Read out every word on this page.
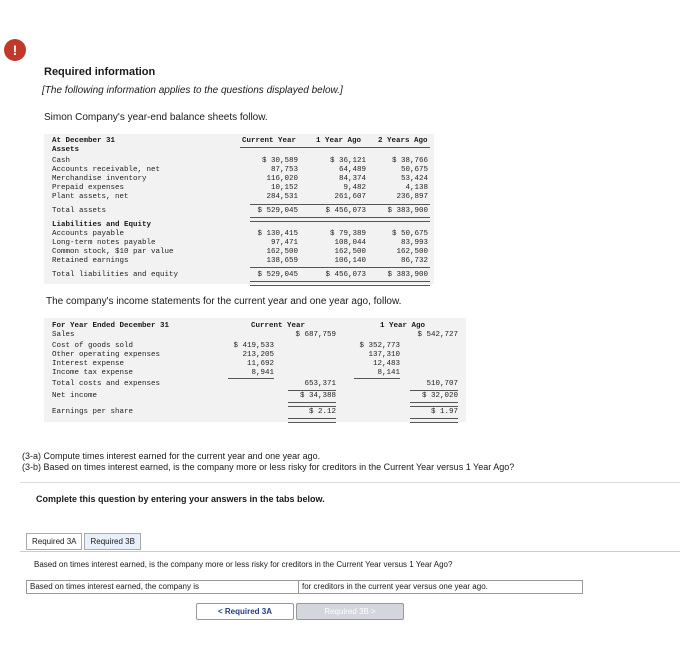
!
Required information
[The following information applies to the questions displayed below.]
Simon Company's year-end balance sheets follow.
At December 31	Current Year	1 Year Ago 2 Years Ago
Assets
Cash	$ 30,589	$ 36,121	$ 38,766
Accounts receivable, net	87,753	64,489	50,675
Merchandise inventory	116,020	84,374	53,424
Prepaid expenses	10,152	9,482	4,138
Plant assets, net	284,531	261,607	236,897
Total assets	$ 529,045	$ 456,073	$ 383,900
Liabilities and Equity
Accounts payable	$ 130,415	$ 79,389	$ 50,675
Long-term notes payable	97,471	108,044	83,993
Common stock, $10 par value	162,500	162,500	162,500
Retained earnings	138,659	106,140	86,732
Total liabilities and equity	$ 529,045	$ 456,073	$ 383,900
The company's income statements for the current year and one year ago, follow.
For Year Ended December 31	Current Year	1 Year Ago
Sales	$ 687,759	$ 542,727
Cost of goods sold	$ 419,533	$ 352,773
Other operating expenses	213,205	137,310
Interest expense	11,692	12,483
Income tax expense	8,941	8,141
Total costs and expenses	653,371	510,707
Net income	$ 34,388	$ 32,020
Earnings per share	$ 2.12	$ 1.97
(3-a) Compute times interest earned for the current year and one year ago.
(3-b) Based on times interest earned, is the company more or less risky for creditors in the Current Year versus 1 Year Ago?
Complete this question by entering your answers in the tabs below.
Required 3A	Required 3B
Based on times interest earned, is the company more or less risky for creditors in the Current Year versus 1 Year Ago?
Based on times interest earned, the company is	for creditors in the current year versus one year ago.
< Required 3A	Required 3B >
